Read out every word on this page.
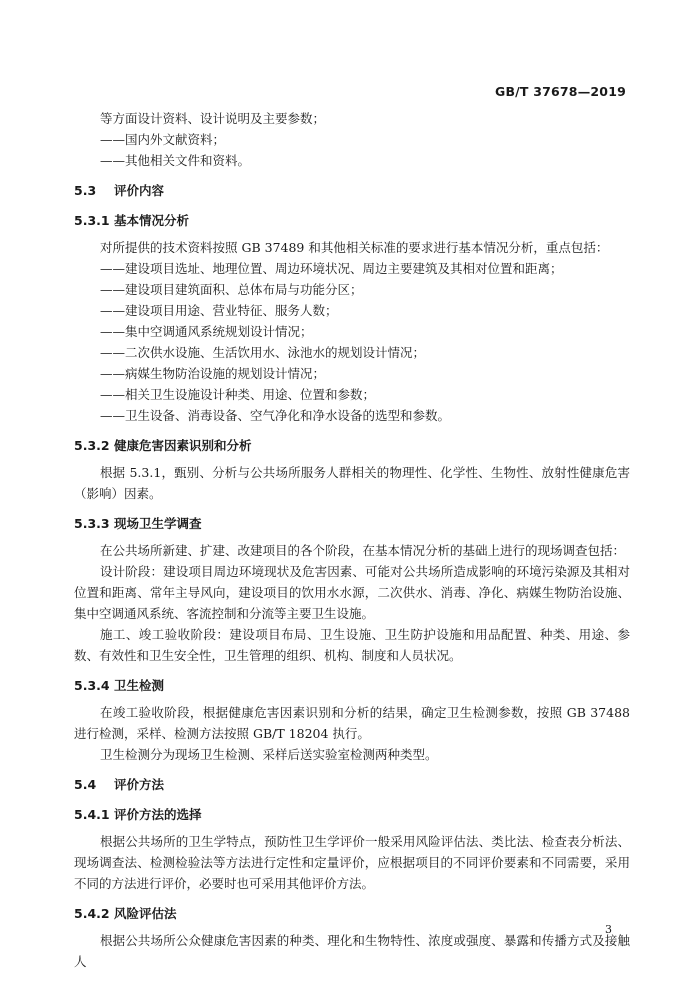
GB/T 37678—2019

等方面设计资料、设计说明及主要参数；

——国内外文献资料；

——其他相关文件和资料。

5.3 评价内容
5.3.1 基本情况分析

对所提供的技术资料按照 GB 37489 和其他相关标准的要求进行基本情况分析，重点包括：

——建设项目选址、地理位置、周边环境状况、周边主要建筑及其相对位置和距离；

——建设项目建筑面积、总体布局与功能分区；

——建设项目用途、营业特征、服务人数；

——集中空调通风系统规划设计情况；

——二次供水设施、生活饮用水、泳池水的规划设计情况；

——病媒生物防治设施的规划设计情况；

——相关卫生设施设计种类、用途、位置和参数；

——卫生设备、消毒设备、空气净化和净水设备的选型和参数。

5.3.2 健康危害因素识别和分析

根据 5.3.1，甄别、分析与公共场所服务人群相关的物理性、化学性、生物性、放射性健康危害（影响）因素。

5.3.3 现场卫生学调查

在公共场所新建、扩建、改建项目的各个阶段，在基本情况分析的基础上进行的现场调查包括：

设计阶段：建设项目周边环境现状及危害因素、可能对公共场所造成影响的环境污染源及其相对位置和距离、常年主导风向，建设项目的饮用水水源，二次供水、消毒、净化、病媒生物防治设施、集中空调通风系统、客流控制和分流等主要卫生设施。

施工、竣工验收阶段：建设项目布局、卫生设施、卫生防护设施和用品配置、种类、用途、参数、有效性和卫生安全性，卫生管理的组织、机构、制度和人员状况。

5.3.4 卫生检测

在竣工验收阶段，根据健康危害因素识别和分析的结果，确定卫生检测参数，按照 GB 37488 进行检测，采样、检测方法按照 GB/T 18204 执行。

卫生检测分为现场卫生检测、采样后送实验室检测两种类型。

5.4 评价方法
5.4.1 评价方法的选择

根据公共场所的卫生学特点，预防性卫生学评价一般采用风险评估法、类比法、检查表分析法、现场调查法、检测检验法等方法进行定性和定量评价，应根据项目的不同评价要素和不同需要，采用不同的方法进行评价，必要时也可采用其他评价方法。

5.4.2 风险评估法

根据公共场所公众健康危害因素的种类、理化和生物特性、浓度或强度、暴露和传播方式及接触人

3
